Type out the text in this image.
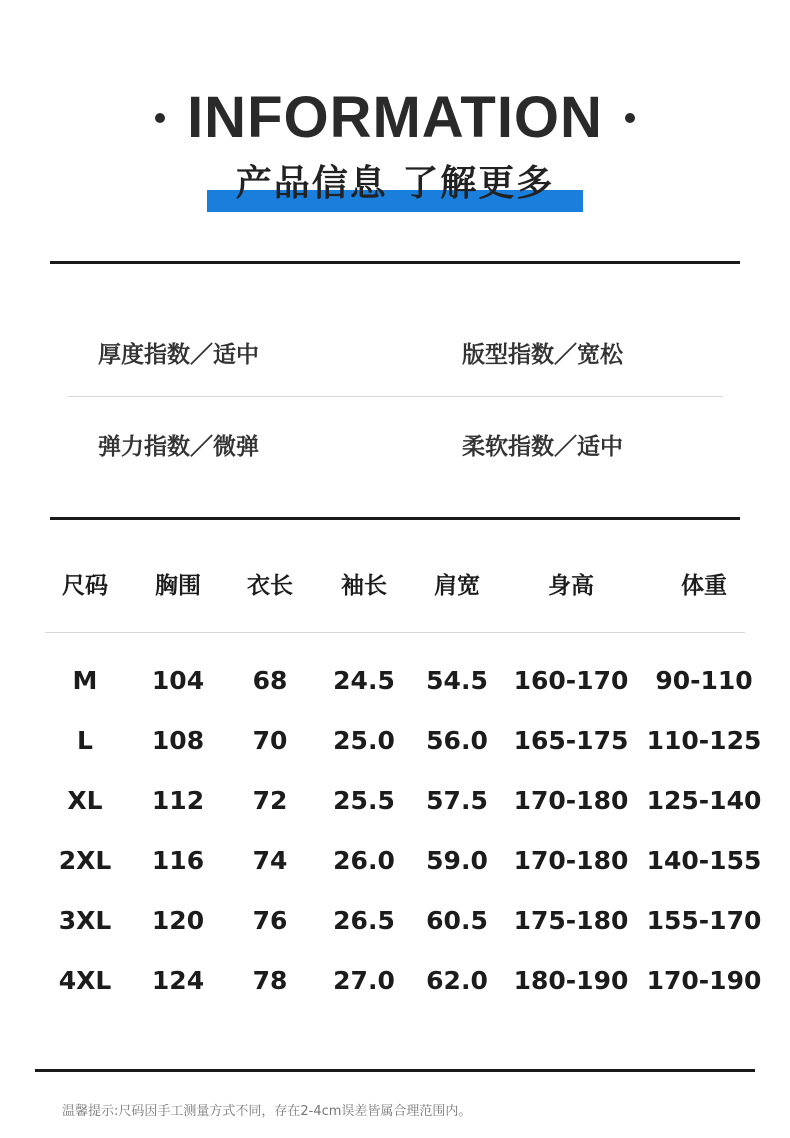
INFORMATION
产品信息 了解更多
厚度指数／适中	版型指数／宽松
弹力指数／微弹	柔软指数／适中
尺码 胸围 衣长 袖长 肩宽	身高	体重
M 104 68 24.5 54.5 160-170 90-110
L 108 70 25.0 56.0 165-175 110-125
XL 112 72 25.5 57.5 170-180 125-140
2XL 116 74 26.0 59.0 170-180 140-155
3XL 120 76 26.5 60.5 175-180 155-170
4XL 124 78 27.0 62.0 180-190 170-190
温馨提示:尺码因手工测量方式不同，存在2-4cm误差皆属合理范围内。
